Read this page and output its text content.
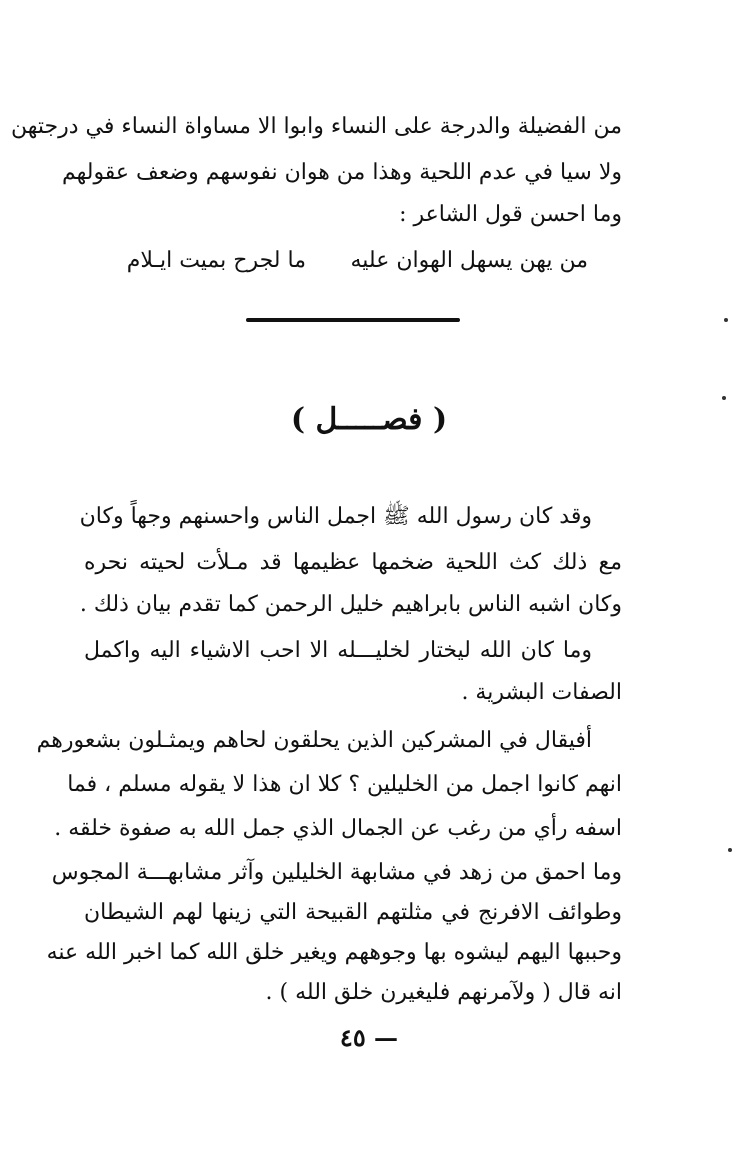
من الفضيلة والدرجة على النساء وابوا الا مساواة النساء في درجتهن
ولا سيا في عدم اللحية وهذا من هوان نفوسهم وضعف عقولهم
وما احسن قول الشاعر :
من يهن يسهل الهوان عليه
ما لجرح بميت ايـلام
( فصـــــل )
وقد كان رسول الله ﷺ اجمل الناس واحسنهم وجهاً وكان
مع ذلك كث اللحية ضخمها عظيمها قد مـلأت لحيته نحره
وكان اشبه الناس بابراهيم خليل الرحمن كما تقدم بيان ذلك .
وما كان الله ليختار لخليـــله الا احب الاشياء اليه واكمل
الصفات البشرية .
أفيقال في المشركين الذين يحلقون لحاهم ويمثـلون بشعورهم
انهم كانوا اجمل من الخليلين ؟ كلا ان هذا لا يقوله مسلم ، فما
اسفه رأي من رغب عن الجمال الذي جمل الله به صفوة خلقه .
وما احمق من زهد في مشابهة الخليلين وآثر مشابهـــة المجوس
وطوائف الافرنج في مثلتهم القبيحة التي زينها لهم الشيطان
وحببها اليهم ليشوه بها وجوههم ويغير خلق الله كما اخبر الله عنه
انه قال ( ولآمرنهم فليغيرن خلق الله ) .
— ٤٥
